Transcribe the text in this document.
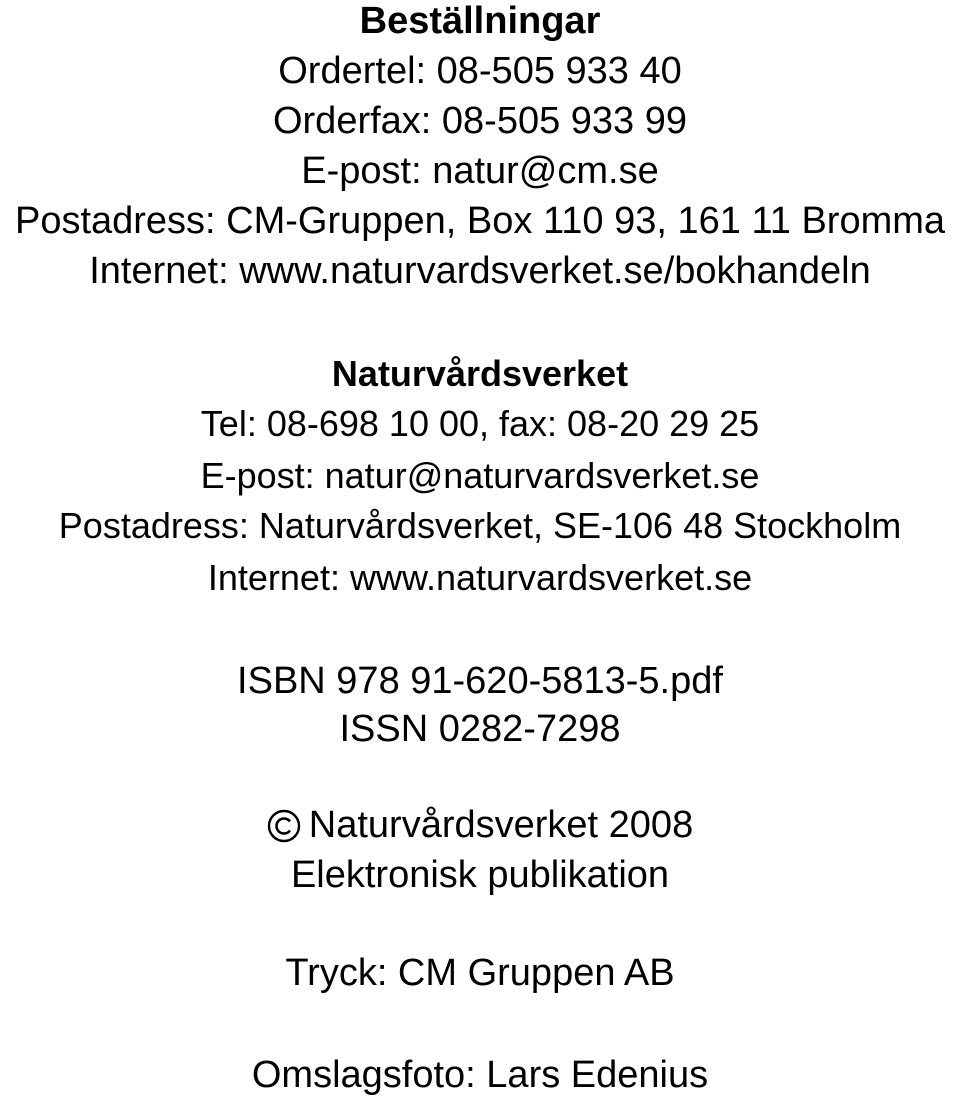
Beställningar
Ordertel: 08-505 933 40
Orderfax: 08-505 933 99
E-post: natur@cm.se
Postadress: CM-Gruppen, Box 110 93, 161 11 Bromma
Internet: www.naturvardsverket.se/bokhandeln
Naturvårdsverket
Tel: 08-698 10 00, fax: 08-20 29 25
E-post: natur@naturvardsverket.se
Postadress: Naturvårdsverket, SE-106 48 Stockholm
Internet: www.naturvardsverket.se
ISBN 978 91-620-5813-5.pdf
ISSN 0282-7298
Naturvårdsverket 2008
Elektronisk publikation
Tryck: CM Gruppen AB
Omslagsfoto: Lars Edenius
